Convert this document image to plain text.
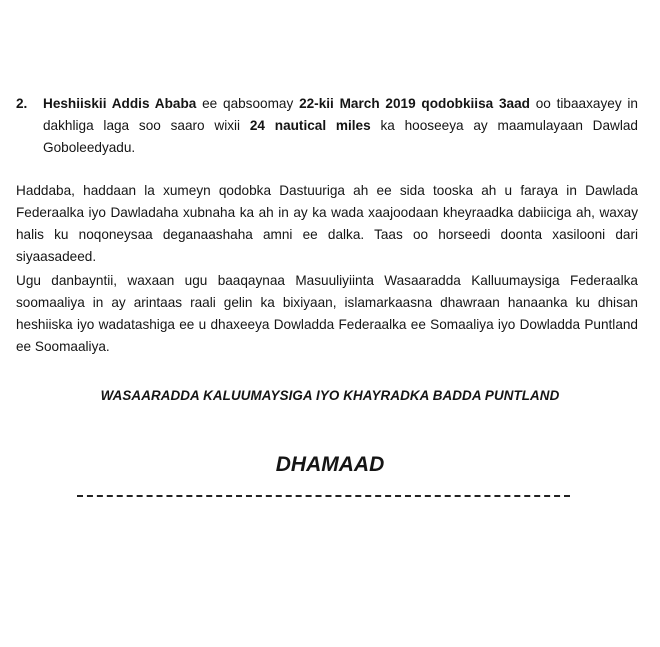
2. Heshiiskii Addis Ababa ee qabsoomay 22-kii March 2019 qodobkiisa 3aad oo tibaaxayey in dakhliga laga soo saaro wixii 24 nautical miles ka hooseeya ay maamulayaan Dawlad Goboleedyadu.

Haddaba, haddaan la xumeyn qodobka Dastuuriga ah ee sida tooska ah u faraya in Dawlada Federaalka iyo Dawladaha xubnaha ka ah in ay ka wada xaajoodaan kheyraadka dabiiciga ah, waxay halis ku noqoneysaa deganaashaha amni ee dalka. Taas oo horseedi doonta xasilooni dari siyaasadeed.

Ugu danbayntii, waxaan ugu baaqaynaa Masuuliyiinta Wasaaradda Kalluumaysiga Federaalka soomaaliya in ay arintaas raali gelin ka bixiyaan, islamarkaasna dhawraan hanaanka ku dhisan heshiiska iyo wadatashiga ee u dhaxeeya Dowladda Federaalka ee Somaaliya iyo Dowladda Puntland ee Soomaaliya.

WASAARADDA KALUUMAYSIGA IYO KHAYRADKA BADDA PUNTLAND
DHAMAAD
